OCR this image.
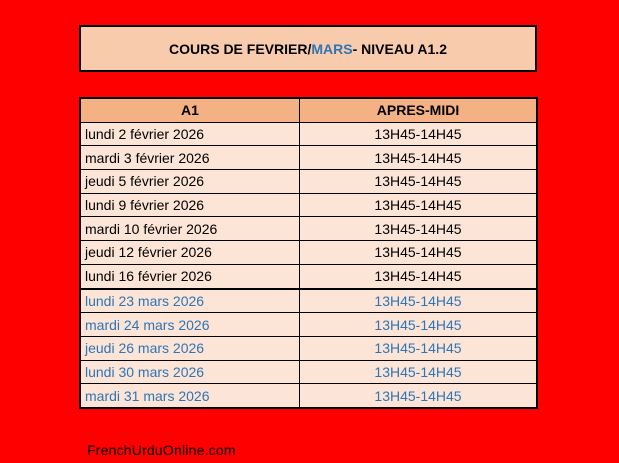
COURS DE FEVRIER/ MARS - NIVEAU A1.2
A1	APRES-MIDI
lundi 2 février 2026	13H45-14H45
mardi 3 février 2026	13H45-14H45
jeudi 5 février 2026	13H45-14H45
lundi 9 février 2026	13H45-14H45
mardi 10 février 2026	13H45-14H45
jeudi 12 février 2026	13H45-14H45
lundi 16 février 2026	13H45-14H45
lundi 23 mars 2026	13H45-14H45
mardi 24 mars 2026	13H45-14H45
jeudi 26 mars 2026	13H45-14H45
lundi 30 mars 2026	13H45-14H45
mardi 31 mars 2026	13H45-14H45
FrenchUrduOnline.com
